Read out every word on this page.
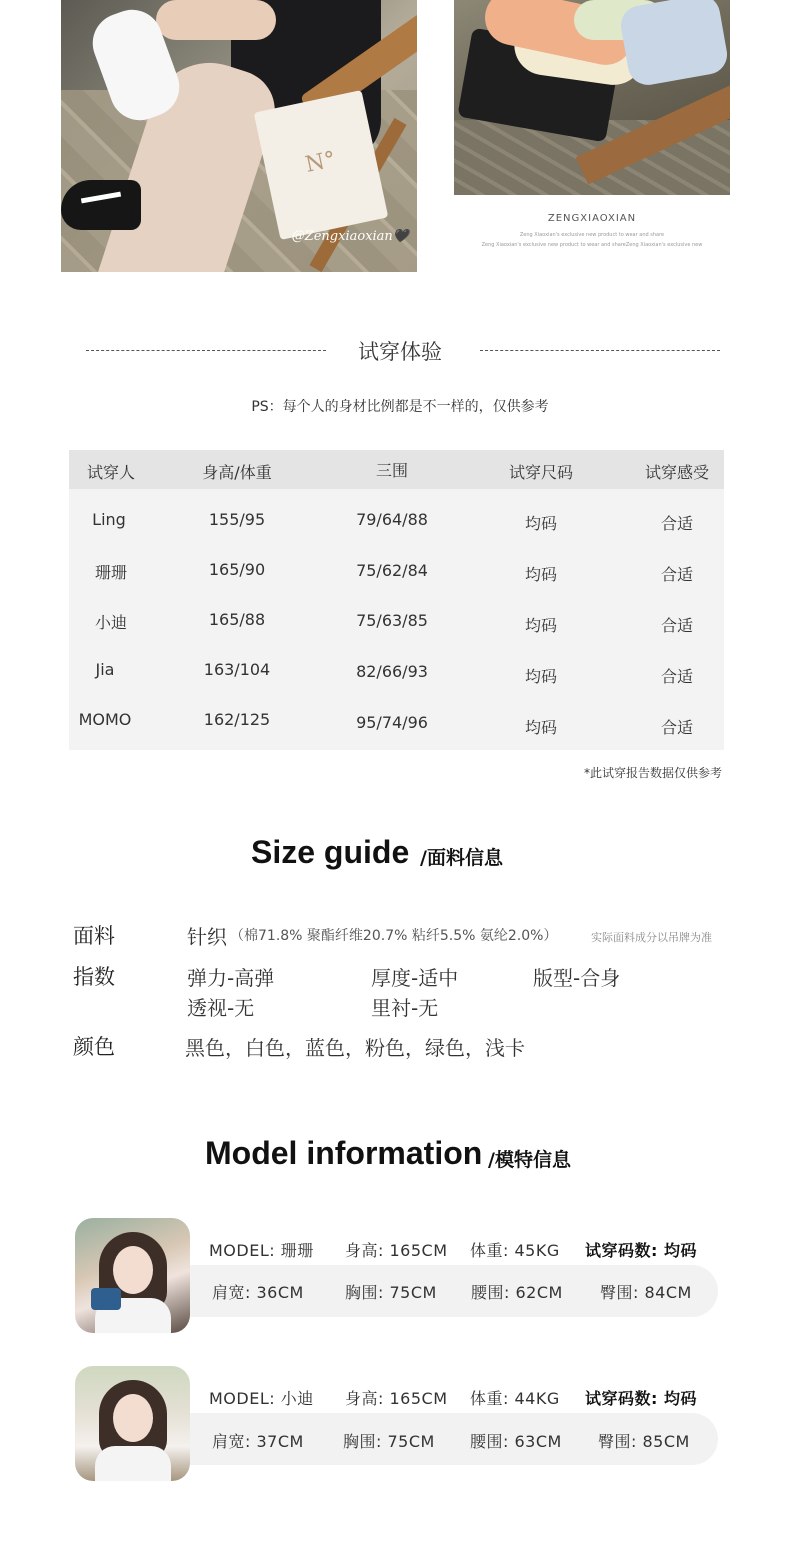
N°
@Zengxiaoxian🖤
ZENGXIAOXIAN
Zeng Xiaoxian's exclusive new product to wear and share
Zeng Xiaoxian's exclusive new product to wear and shareZeng Xiaoxian's exclusive new
试穿体验
PS：每个人的身材比例都是不一样的，仅供参考
试穿人	身高/体重	三围	试穿尺码	试穿感受
Ling	155/95	79/64/88	均码	合适
珊珊	165/90	75/62/84	均码	合适
小迪	165/88	75/63/85	均码	合适
Jia	163/104	82/66/93	均码	合适
MOMO	162/125	95/74/96	均码	合适
*此试穿报告数据仅供参考
Size guide /面料信息
面料	针织 （棉71.8% 聚酯纤维20.7% 粘纤5.5% 氨纶2.0%）	实际面料成分以吊牌为准
指数	弹力-高弹	厚度-适中	版型-合身
透视-无	里衬-无
颜色	黑色，白色，蓝色，粉色，绿色，浅卡
Model information /模特信息
MODEL: 珊珊 身高: 165CM 体重: 45KG 试穿码数: 均码
肩宽: 36CM	胸围: 75CM 腰围: 62CM 臀围: 84CM
MODEL: 小迪 身高: 165CM 体重: 44KG 试穿码数: 均码
肩宽: 37CM 胸围: 75CM 腰围: 63CM 臀围: 85CM
